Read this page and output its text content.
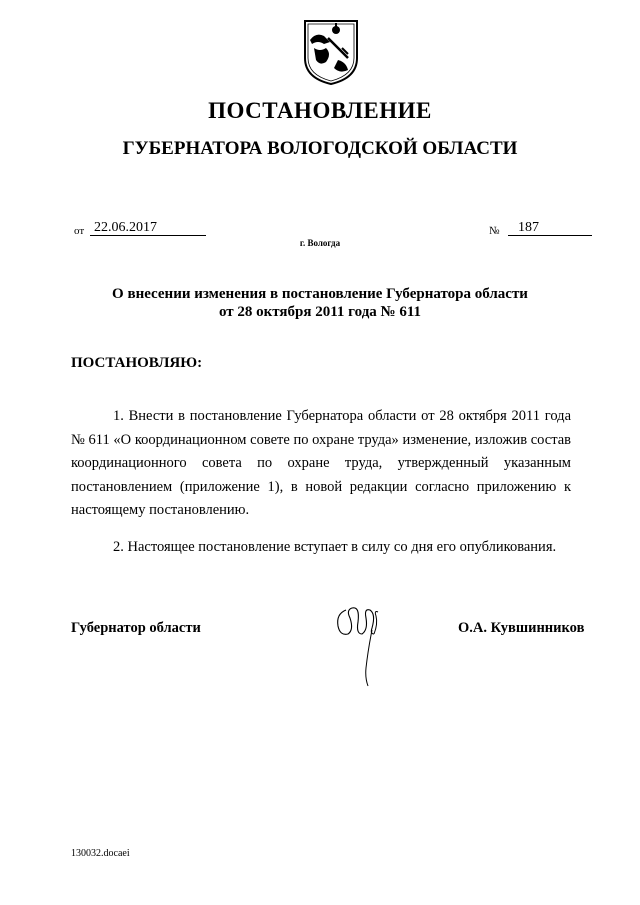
ПОСТАНОВЛЕНИЕ
ГУБЕРНАТОРА ВОЛОГОДСКОЙ ОБЛАСТИ
от 22.06.2017	№	187
г. Вологда
О внесении изменения в постановление Губернатора области
от 28 октября 2011 года № 611
ПОСТАНОВЛЯЮ:
1. Внести в постановление Губернатора области от 28 октября 2011 года № 611 «О координационном совете по охране труда» изменение, изложив состав координационного совета по охране труда, утвержденный указанным постановлением (приложение 1), в новой редакции согласно приложению к настоящему постановлению.
2. Настоящее постановление вступает в силу со дня его опубликования.
Губернатор области	О.А. Кувшинников
130032.docaei
